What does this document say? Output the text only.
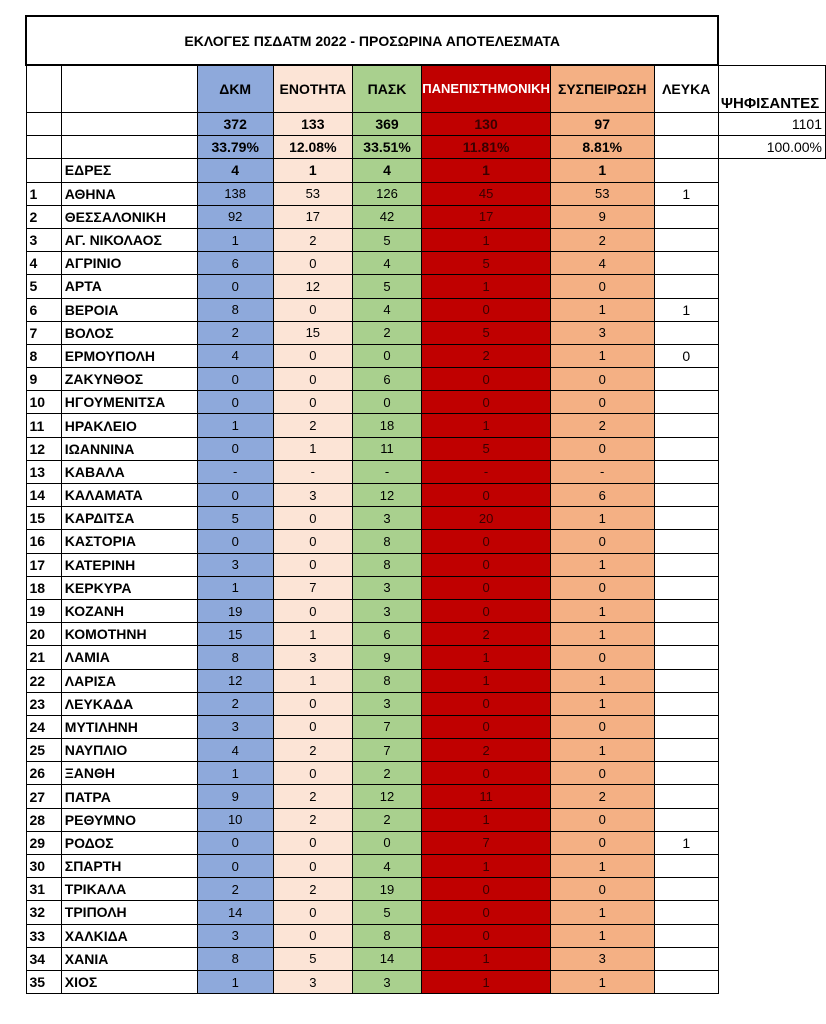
ΕΚΛΟΓΕΣ ΠΣΔΑΤΜ 2022 - ΠΡΟΣΩΡΙΝΑ ΑΠΟΤΕΛΕΣΜΑΤΑ								
		ΔΚΜ	ΕΝΟΤΗΤΑ	ΠΑΣΚ	ΠΑΝΕΠΙΣΤΗΜΟΝΙΚΗ	ΣΥΣΠΕΙΡΩΣΗ	ΛΕΥΚΑ	ΨΗΦΙΣΑΝΤΕΣ
		372	133	369	130	97		1101
		33.79%	12.08%	33.51%	11.81%	8.81%		100.00%
	ΕΔΡΕΣ	4	1	4	1	1		
1	ΑΘΗΝΑ	138	53	126	45	53	1	
2	ΘΕΣΣΑΛΟΝΙΚΗ	92	17	42	17	9		
3	ΑΓ. ΝΙΚΟΛΑΟΣ	1	2	5	1	2		
4	ΑΓΡΙΝΙΟ	6	0	4	5	4		
5	ΑΡΤΑ	0	12	5	1	0		
6	ΒΕΡΟΙΑ	8	0	4	0	1	1	
7	ΒΟΛΟΣ	2	15	2	5	3		
8	ΕΡΜΟΥΠΟΛΗ	4	0	0	2	1	0	
9	ΖΑΚΥΝΘΟΣ	0	0	6	0	0		
10	ΗΓΟΥΜΕΝΙΤΣΑ	0	0	0	0	0		
11	ΗΡΑΚΛΕΙΟ	1	2	18	1	2		
12	ΙΩΑΝΝΙΝΑ	0	1	11	5	0		
13	ΚΑΒΑΛΑ	-	-	-	-	-		
14	ΚΑΛΑΜΑΤΑ	0	3	12	0	6		
15	ΚΑΡΔΙΤΣΑ	5	0	3	20	1		
16	ΚΑΣΤΟΡΙΑ	0	0	8	0	0		
17	ΚΑΤΕΡΙΝΗ	3	0	8	0	1		
18	ΚΕΡΚΥΡΑ	1	7	3	0	0		
19	ΚΟΖΑΝΗ	19	0	3	0	1		
20	ΚΟΜΟΤΗΝΗ	15	1	6	2	1		
21	ΛΑΜΙΑ	8	3	9	1	0		
22	ΛΑΡΙΣΑ	12	1	8	1	1		
23	ΛΕΥΚΑΔΑ	2	0	3	0	1		
24	ΜΥΤΙΛΗΝΗ	3	0	7	0	0		
25	ΝΑΥΠΛΙΟ	4	2	7	2	1		
26	ΞΑΝΘΗ	1	0	2	0	0		
27	ΠΑΤΡΑ	9	2	12	11	2		
28	ΡΕΘΥΜΝΟ	10	2	2	1	0		
29	ΡΟΔΟΣ	0	0	0	7	0	1	
30	ΣΠΑΡΤΗ	0	0	4	1	1		
31	ΤΡΙΚΑΛΑ	2	2	19	0	0		
32	ΤΡΙΠΟΛΗ	14	0	5	0	1		
33	ΧΑΛΚΙΔΑ	3	0	8	0	1		
34	ΧΑΝΙΑ	8	5	14	1	3		
35	ΧΙΟΣ	1	3	3	1	1		
